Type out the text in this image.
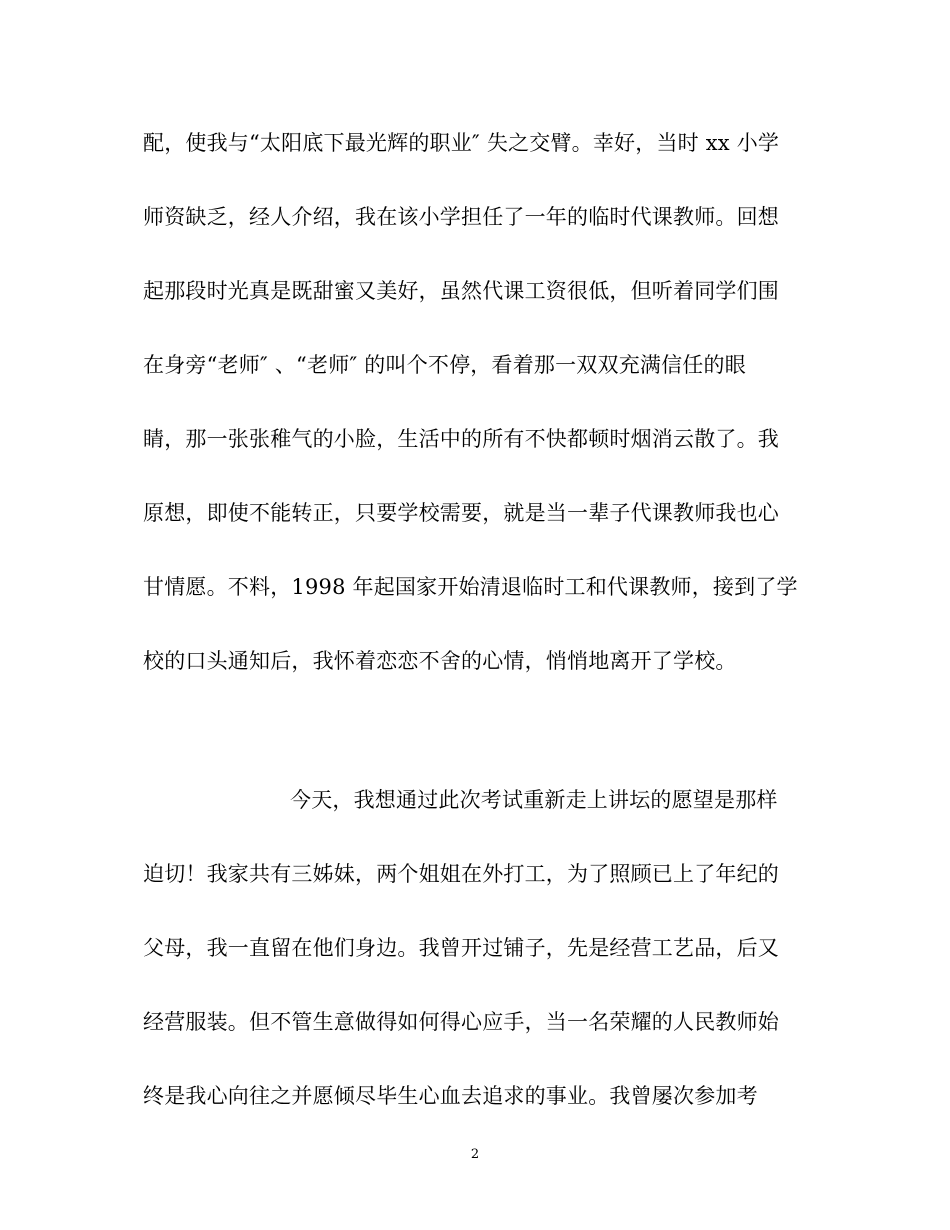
配，使我与“太阳底下最光辉的职业″ 失之交臂。幸好，当时 xx 小学
师资缺乏，经人介绍，我在该小学担任了一年的临时代课教师。回想
起那段时光真是既甜蜜又美好，虽然代课工资很低，但听着同学们围
在身旁“老师″ 、“老师″ 的叫个不停，看着那一双双充满信任的眼
睛，那一张张稚气的小脸，生活中的所有不快都顿时烟消云散了。我
原想，即使不能转正，只要学校需要，就是当一辈子代课教师我也心
甘情愿。不料，1998 年起国家开始清退临时工和代课教师，接到了学
校的口头通知后，我怀着恋恋不舍的心情，悄悄地离开了学校。
今天，我想通过此次考试重新走上讲坛的愿望是那样
迫切！我家共有三姊妹，两个姐姐在外打工，为了照顾已上了年纪的
父母，我一直留在他们身边。我曾开过铺子，先是经营工艺品，后又
经营服装。但不管生意做得如何得心应手，当一名荣耀的人民教师始
终是我心向往之并愿倾尽毕生心血去追求的事业。我曾屡次参加考
2
